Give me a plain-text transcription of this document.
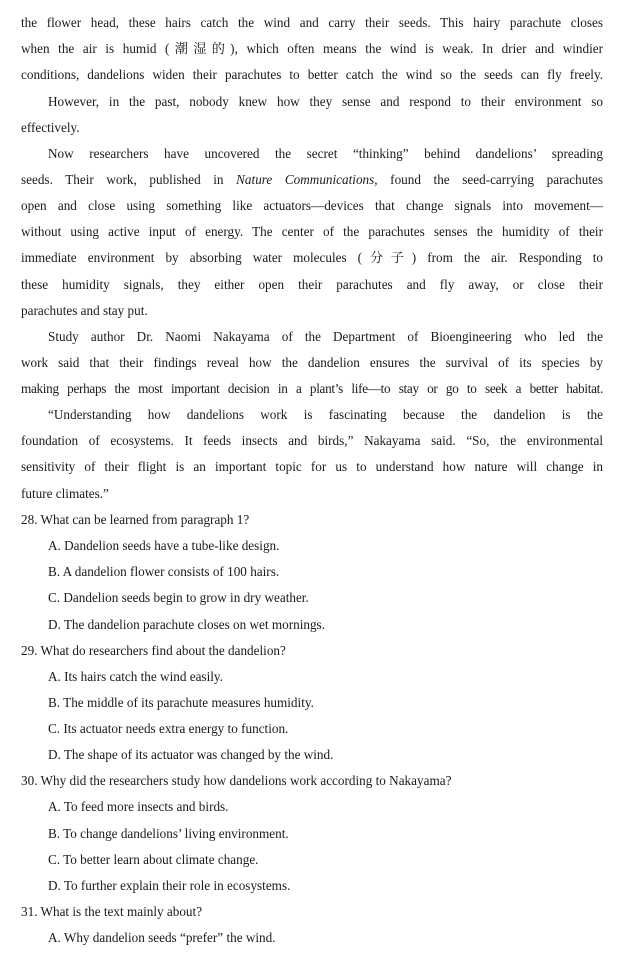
the flower head, these hairs catch the wind and carry their seeds. This hairy parachute closes
when the air is humid (潮湿的), which often means the wind is weak. In drier and windier
conditions, dandelions widen their parachutes to better catch the wind so the seeds can fly freely.
However, in the past, nobody knew how they sense and respond to their environment so
effectively.
Now researchers have uncovered the secret “thinking” behind dandelions’ spreading
seeds. Their work, published in Nature Communications, found the seed-carrying parachutes
open and close using something like actuators—devices that change signals into movement—
without using active input of energy. The center of the parachutes senses the humidity of their
immediate environment by absorbing water molecules (分子) from the air. Responding to
these humidity signals, they either open their parachutes and fly away, or close their
parachutes and stay put.
Study author Dr. Naomi Nakayama of the Department of Bioengineering who led the
work said that their findings reveal how the dandelion ensures the survival of its species by
making perhaps the most important decision in a plant’s life—to stay or go to seek a better habitat.
“Understanding how dandelions work is fascinating because the dandelion is the
foundation of ecosystems. It feeds insects and birds,” Nakayama said. “So, the environmental
sensitivity of their flight is an important topic for us to understand how nature will change in
future climates.”
28. What can be learned from paragraph 1?
A. Dandelion seeds have a tube-like design.
B. A dandelion flower consists of 100 hairs.
C. Dandelion seeds begin to grow in dry weather.
D. The dandelion parachute closes on wet mornings.
29. What do researchers find about the dandelion?
A. Its hairs catch the wind easily.
B. The middle of its parachute measures humidity.
C. Its actuator needs extra energy to function.
D. The shape of its actuator was changed by the wind.
30. Why did the researchers study how dandelions work according to Nakayama?
A. To feed more insects and birds.
B. To change dandelions’ living environment.
C. To better learn about climate change.
D. To further explain their role in ecosystems.
31. What is the text mainly about?
A. Why dandelion seeds “prefer” the wind.
